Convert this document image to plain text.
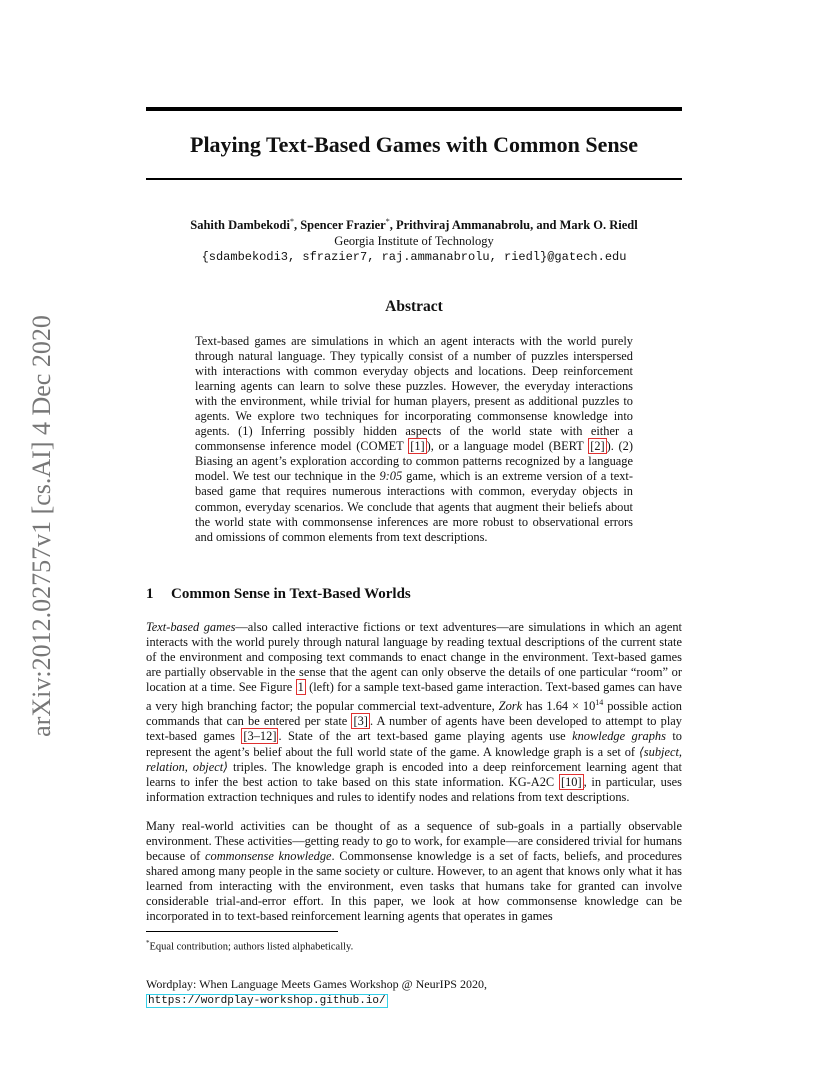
arXiv:2012.02757v1 [cs.AI] 4 Dec 2020
Playing Text-Based Games with Common Sense
Sahith Dambekodi*, Spencer Frazier*, Prithviraj Ammanabrolu, and Mark O. Riedl
Georgia Institute of Technology
{sdambekodi3, sfrazier7, raj.ammanabrolu, riedl}@gatech.edu
Abstract
Text-based games are simulations in which an agent interacts with the world purely through natural language. They typically consist of a number of puzzles interspersed with interactions with common everyday objects and locations. Deep reinforcement learning agents can learn to solve these puzzles. However, the everyday interactions with the environment, while trivial for human players, present as additional puzzles to agents. We explore two techniques for incorporating commonsense knowledge into agents. (1) Inferring possibly hidden aspects of the world state with either a commonsense inference model (COMET [1] ), or a language model (BERT [2] ). (2) Biasing an agent’s exploration according to common patterns recognized by a language model. We test our technique in the 9:05 game, which is an extreme version of a text-based game that requires numerous interactions with common, everyday objects in common, everyday scenarios. We conclude that agents that augment their beliefs about the world state with commonsense inferences are more robust to observational errors and omissions of common elements from text descriptions.
1 Common Sense in Text-Based Worlds
Text-based games—also called interactive fictions or text adventures—are simulations in which an agent interacts with the world purely through natural language by reading textual descriptions of the current state of the environment and composing text commands to enact change in the environment. Text-based games are partially observable in the sense that the agent can only observe the details of one particular “room” or location at a time. See Figure 1 (left) for a sample text-based game interaction. Text-based games can have a very high branching factor; the popular commercial text-adventure, Zork has $1.64 \times 10^{14}$ possible action commands that can be entered per state [3] . A number of agents have been developed to attempt to play text-based games [3–12] . State of the art text-based game playing agents use knowledge graphs to represent the agent’s belief about the full world state of the game. A knowledge graph is a set of ⟨subject, relation, object⟩ triples. The knowledge graph is encoded into a deep reinforcement learning agent that learns to infer the best action to take based on this state information. KG-A2C [10] , in particular, uses information extraction techniques and rules to identify nodes and relations from text descriptions.
Many real-world activities can be thought of as a sequence of sub-goals in a partially observable environment. These activities—getting ready to go to work, for example—are considered trivial for humans because of commonsense knowledge. Commonsense knowledge is a set of facts, beliefs, and procedures shared among many people in the same society or culture. However, to an agent that knows only what it has learned from interacting with the environment, even tasks that humans take for granted can involve considerable trial-and-error effort. In this paper, we look at how commonsense knowledge can be incorporated in to text-based reinforcement learning agents that operates in games
*Equal contribution; authors listed alphabetically.
Wordplay: When Language Meets Games Workshop @ NeurIPS 2020,
https://wordplay-workshop.github.io/
